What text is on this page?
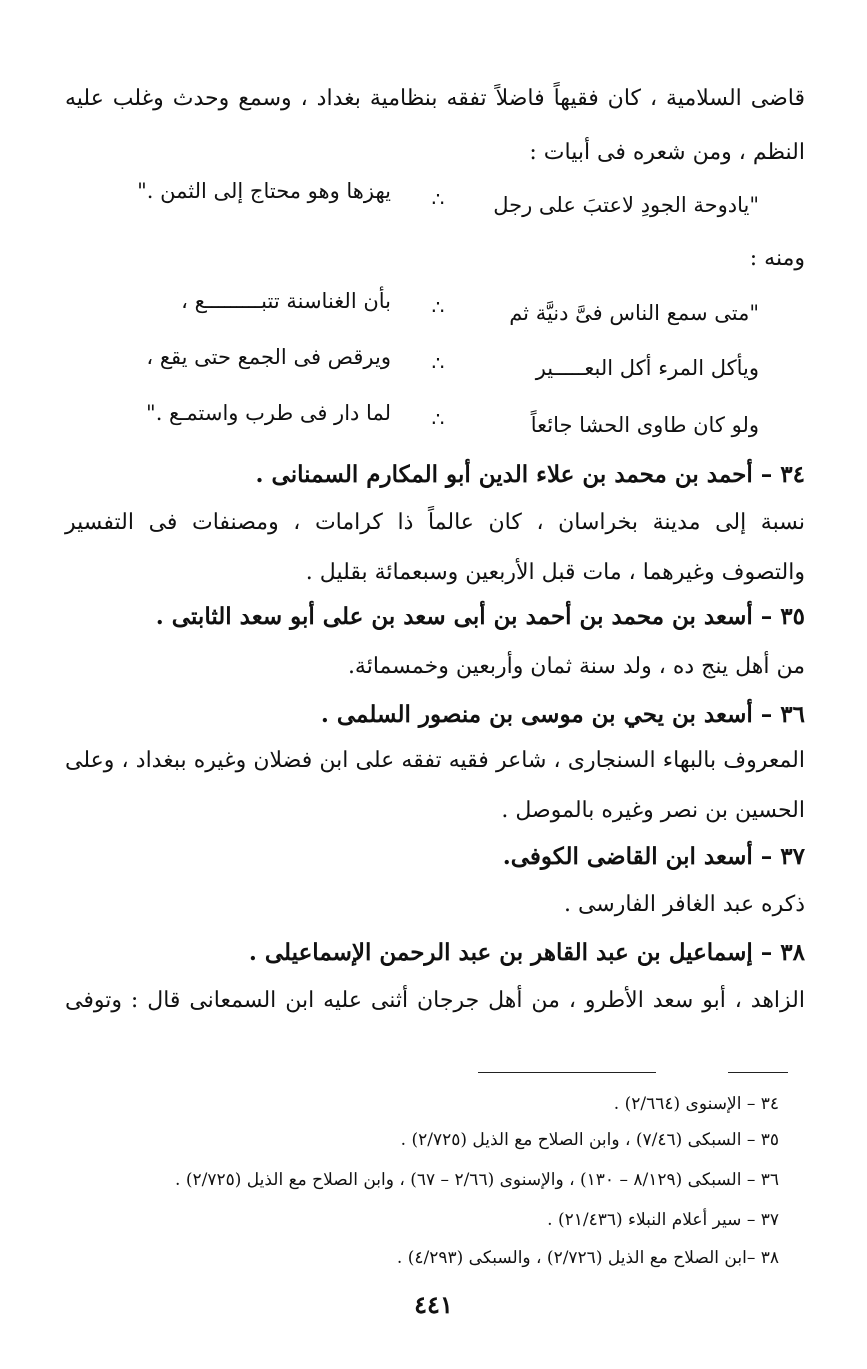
قاضى السلامية ، كان فقيهاً فاضلاً تفقه بنظامية بغداد ، وسمع وحدث وغلب عليه
النظم ، ومن شعره فى أبيات :
"يادوحة الجودِ لاعتبَ على رجل
∴
يهزها وهو محتاج إلى الثمن ."
ومنه :
"متى سمع الناس فىَّ دنيَّة ثم
∴
بأن الغناسنة تتبـــــــــع ،
ويأكل المرء أكل البعـــــير
∴
ويرقص فى الجمع حتى يقع ،
ولو كان طاوى الحشا جائعاً
∴
لما دار فى طرب واستمـع ."
٣٤ – أحمد بن محمد بن علاء الدين أبو المكارم السمنانى .
نسبة إلى مدينة بخراسان ، كان عالماً ذا كرامات ، ومصنفات فى التفسير
والتصوف وغيرهما ، مات قبل الأربعين وسبعمائة بقليل .
٣٥ – أسعد بن محمد بن أحمد بن أبى سعد بن على أبو سعد الثابتى .
من أهل ينج ده ، ولد سنة ثمان وأربعين وخمسمائة.
٣٦ – أسعد بن يحي بن موسى بن منصور السلمى .
المعروف بالبهاء السنجارى ، شاعر فقيه تفقه على ابن فضلان وغيره ببغداد ، وعلى
الحسين بن نصر وغيره بالموصل .
٣٧ – أسعد ابن القاضى الكوفى.
ذكره عبد الغافر الفارسى .
٣٨ – إسماعيل بن عبد القاهر بن عبد الرحمن الإسماعيلى .
الزاهد ، أبو سعد الأطرو ، من أهل جرجان أثنى عليه ابن السمعانى قال : وتوفى
٣٤ – الإسنوى (٢/٦٦٤) .
٣٥ – السبكى (٧/٤٦) ، وابن الصلاح مع الذيل (٢/٧٢٥) .
٣٦ – السبكى (٨/١٢٩ – ١٣٠) ، والإسنوى (٢/٦٦ – ٦٧) ، وابن الصلاح مع الذيل (٢/٧٢٥) .
٣٧ – سير أعلام النبلاء (٢١/٤٣٦) .
٣٨ –ابن الصلاح مع الذيل (٢/٧٢٦) ، والسبكى (٤/٢٩٣) .
٤٤١
